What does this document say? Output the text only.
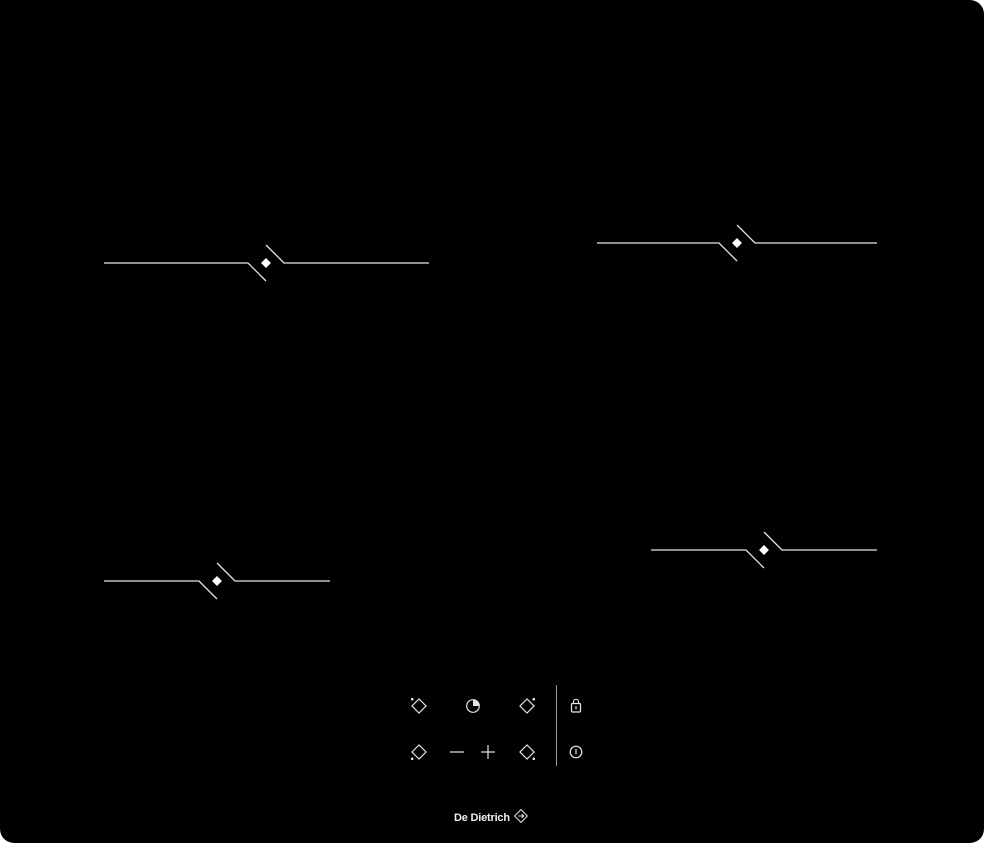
De Dietrich
